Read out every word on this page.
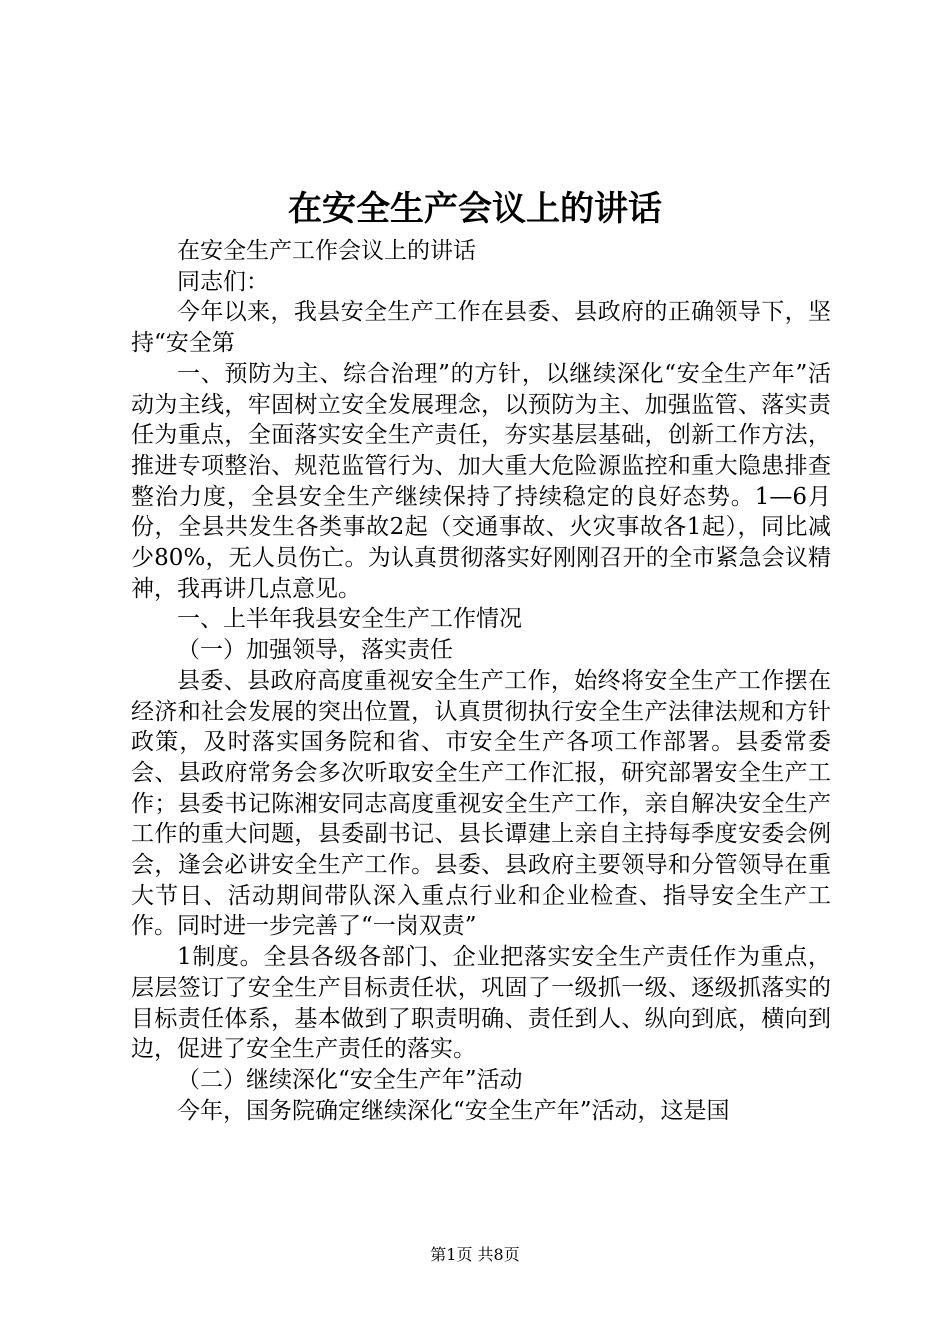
在安全生产会议上的讲话

在安全生产工作会议上的讲话

同志们：

今年以来，我县安全生产工作在县委、县政府的正确领导下，坚持“安全第

一、预防为主、综合治理”的方针，以继续深化“安全生产年”活动为主线，牢固树立安全发展理念，以预防为主、加强监管、落实责任为重点，全面落实安全生产责任，夯实基层基础，创新工作方法，推进专项整治、规范监管行为、加大重大危险源监控和重大隐患排查整治力度，全县安全生产继续保持了持续稳定的良好态势。1—6月份，全县共发生各类事故2起（交通事故、火灾事故各1起），同比减少80%，无人员伤亡。为认真贯彻落实好刚刚召开的全市紧急会议精神，我再讲几点意见。

一、上半年我县安全生产工作情况

（一）加强领导，落实责任

县委、县政府高度重视安全生产工作，始终将安全生产工作摆在经济和社会发展的突出位置，认真贯彻执行安全生产法律法规和方针政策，及时落实国务院和省、市安全生产各项工作部署。县委常委会、县政府常务会多次听取安全生产工作汇报，研究部署安全生产工作；县委书记陈湘安同志高度重视安全生产工作，亲自解决安全生产工作的重大问题，县委副书记、县长谭建上亲自主持每季度安委会例会，逢会必讲安全生产工作。县委、县政府主要领导和分管领导在重大节日、活动期间带队深入重点行业和企业检查、指导安全生产工作。同时进一步完善了“一岗双责”

1制度。全县各级各部门、企业把落实安全生产责任作为重点，层层签订了安全生产目标责任状，巩固了一级抓一级、逐级抓落实的目标责任体系，基本做到了职责明确、责任到人、纵向到底，横向到边，促进了安全生产责任的落实。

（二）继续深化“安全生产年”活动

今年，国务院确定继续深化“安全生产年”活动，这是国

第1页 共8页
